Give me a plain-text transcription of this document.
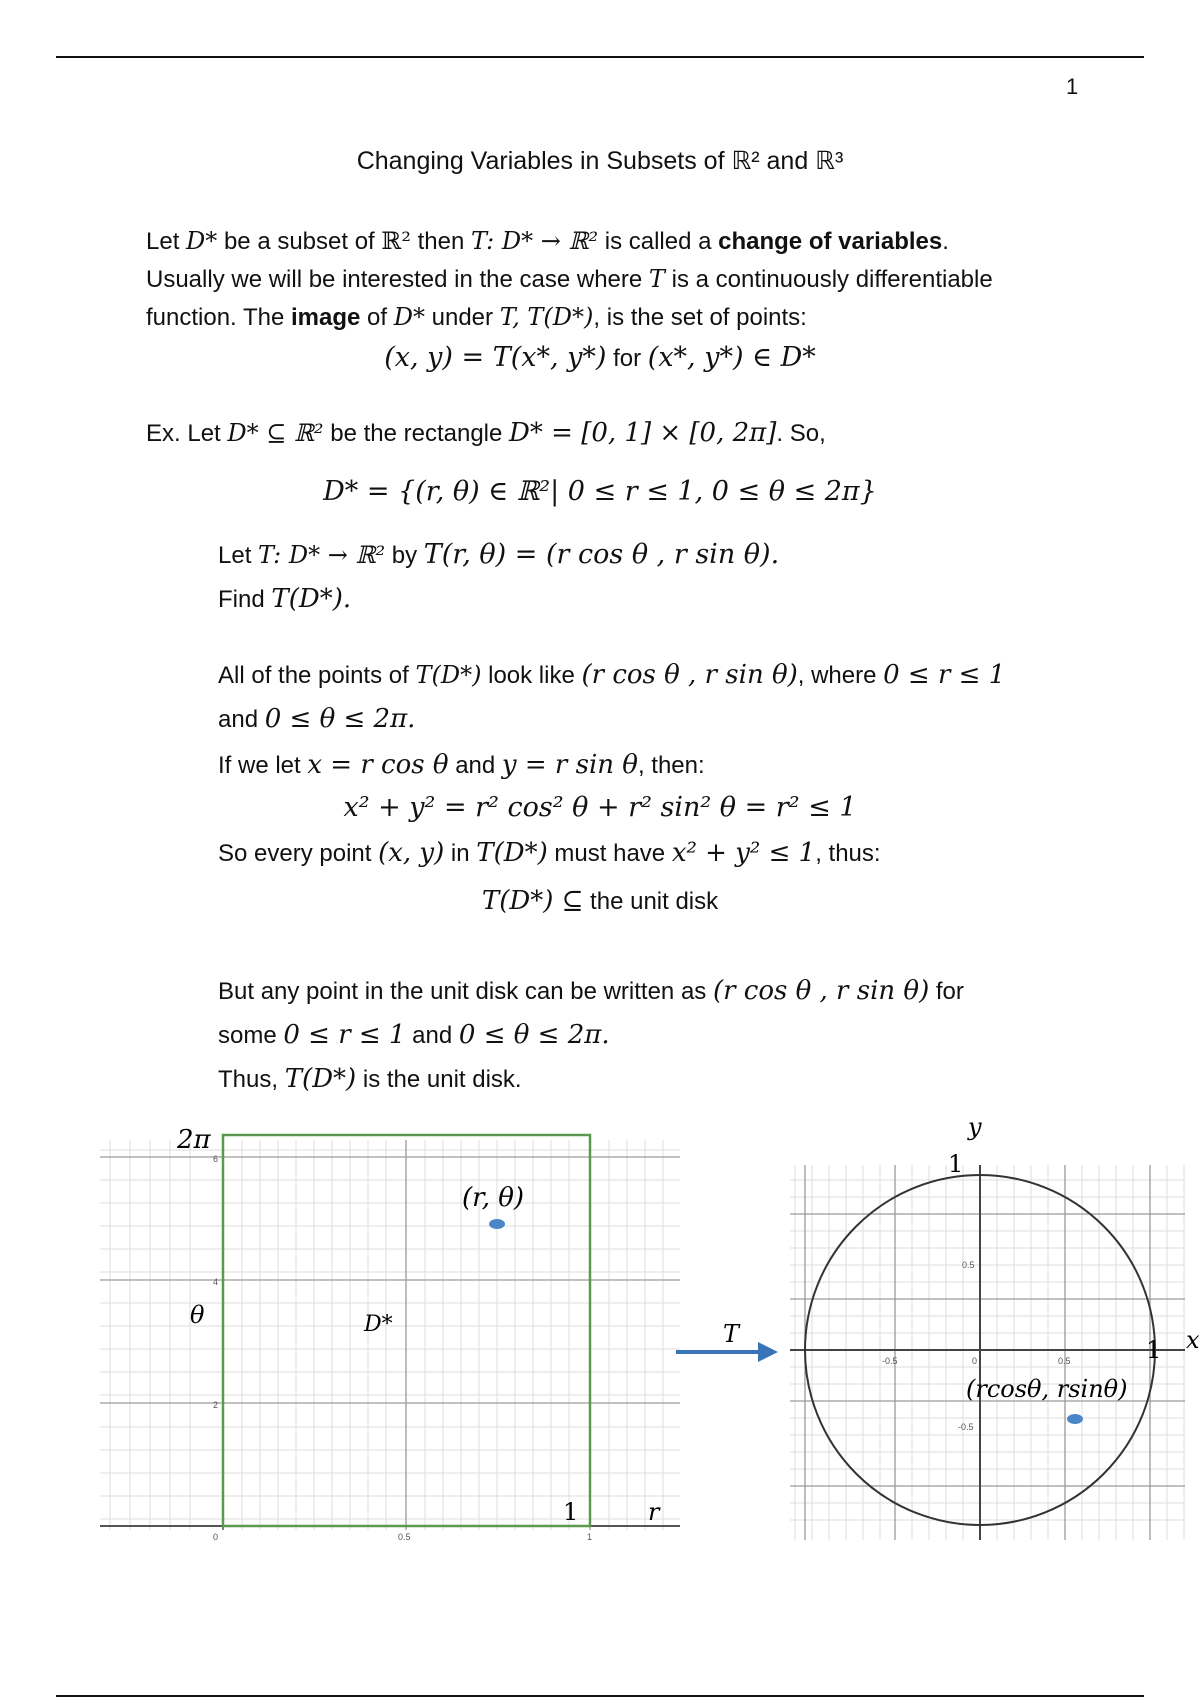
1
Changing Variables in Subsets of ℝ² and ℝ³
Let D* be a subset of ℝ² then T: D* → ℝ² is called a change of variables.
Usually we will be interested in the case where T is a continuously differentiable
function. The image of D* under T, T(D*), is the set of points:
(x, y) = T(x*, y*) for (x*, y*) ∈ D*
Ex. Let D* ⊆ ℝ² be the rectangle D* = [0, 1] × [0, 2π]. So,
D* = {(r, θ) ∈ ℝ²| 0 ≤ r ≤ 1, 0 ≤ θ ≤ 2π}
Let T: D* → ℝ² by T(r, θ) = (r cos θ , r sin θ).
Find T(D*).
All of the points of T(D*) look like (r cos θ , r sin θ), where 0 ≤ r ≤ 1
and 0 ≤ θ ≤ 2π.
If we let x = r cos θ and y = r sin θ, then:
x² + y² = r² cos² θ + r² sin² θ = r² ≤ 1
So every point (x, y) in T(D*) must have x² + y² ≤ 1, thus:
T(D*) ⊆ the unit disk
But any point in the unit disk can be written as (r cos θ , r sin θ) for
some 0 ≤ r ≤ 1 and 0 ≤ θ ≤ 2π.
Thus, T(D*) is the unit disk.
6
4
2
0	0.5	1
2π
θ	D*
(r, θ)
1	r
T
0
-0.5	0.5
0.5
-0.5
y
x
1
1
(rcosθ, rsinθ)
